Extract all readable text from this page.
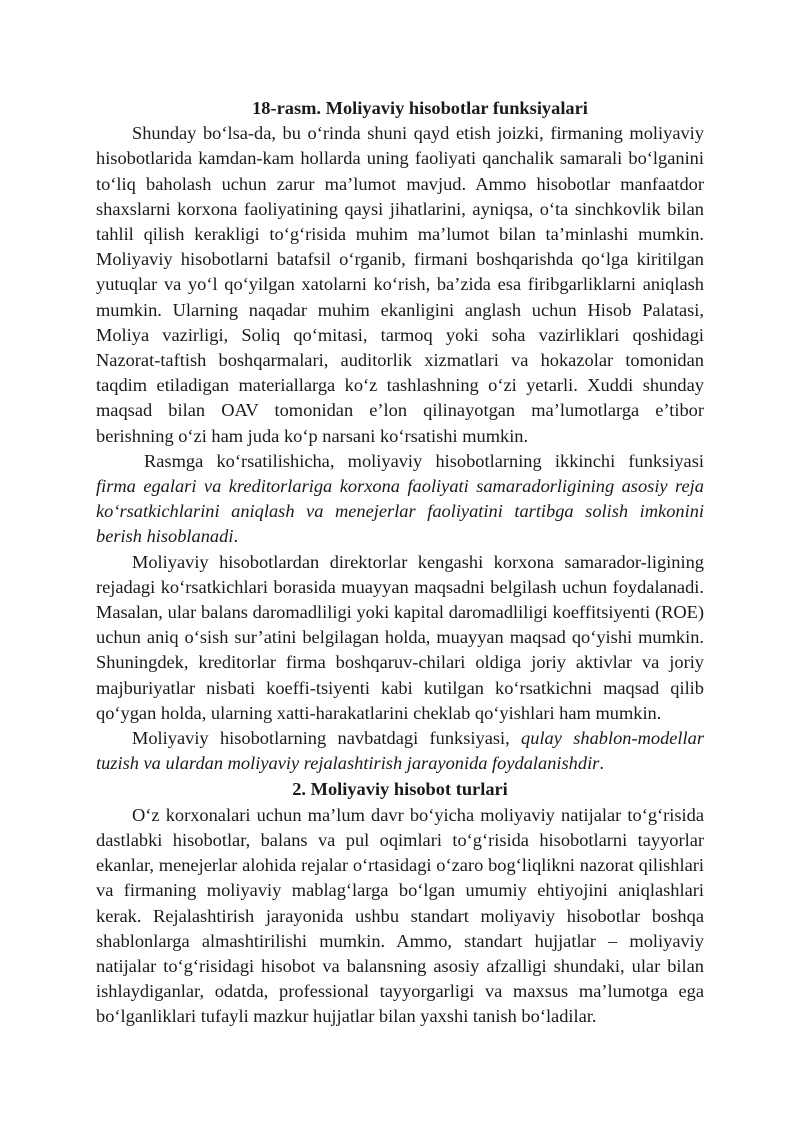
18-rasm. Moliyaviy hisobotlar funksiyalari

Shunday bo‘lsa-da, bu o‘rinda shuni qayd etish joizki, firmaning moliyaviy hisobotlarida kamdan-kam hollarda uning faoliyati qanchalik samarali bo‘lganini to‘liq baholash uchun zarur ma’lumot mavjud. Ammo hisobotlar manfaatdor shaxslarni korxona faoliyatining qaysi jihatlarini, ayniqsa, o‘ta sinchkovlik bilan tahlil qilish kerakligi to‘g‘risida muhim ma’lumot bilan ta’minlashi mumkin. Moliyaviy hisobotlarni batafsil o‘rganib, firmani boshqarishda qo‘lga kiritilgan yutuqlar va yo‘l qo‘yilgan xatolarni ko‘rish, ba’zida esa firibgarliklarni aniqlash mumkin. Ularning naqadar muhim ekanligini anglash uchun Hisob Palatasi, Moliya vazirligi, Soliq qo‘mitasi, tarmoq yoki soha vazirliklari qoshidagi Nazorat-taftish boshqarmalari, auditorlik xizmatlari va hokazolar tomonidan taqdim etiladigan materiallarga ko‘z tashlashning o‘zi yetarli. Xuddi shunday maqsad bilan OAV tomonidan e’lon qilinayotgan ma’lumotlarga e’tibor berishning o‘zi ham juda ko‘p narsani ko‘rsatishi mumkin.

Rasmga ko‘rsatilishicha, moliyaviy hisobotlarning ikkinchi funksiyasi firma egalari va kreditorlariga korxona faoliyati samaradorligining asosiy reja ko‘rsatkichlarini aniqlash va menejerlar faoliyatini tartibga solish imkonini berish hisoblanadi.

Moliyaviy hisobotlardan direktorlar kengashi korxona samarador-ligining rejadagi ko‘rsatkichlari borasida muayyan maqsadni belgilash uchun foydalanadi. Masalan, ular balans daromadliligi yoki kapital daromadliligi koeffitsiyenti (ROE) uchun aniq o‘sish sur’atini belgilagan holda, muayyan maqsad qo‘yishi mumkin. Shuningdek, kreditorlar firma boshqaruv-chilari oldiga joriy aktivlar va joriy majburiyatlar nisbati koeffi-tsiyenti kabi kutilgan ko‘rsatkichni maqsad qilib qo‘ygan holda, ularning xatti-harakatlarini cheklab qo‘yishlari ham mumkin.

Moliyaviy hisobotlarning navbatdagi funksiyasi, qulay shablon-modellar tuzish va ulardan moliyaviy rejalashtirish jarayonida foydalanishdir.

2. Moliyaviy hisobot turlari

O‘z korxonalari uchun ma’lum davr bo‘yicha moliyaviy natijalar to‘g‘risida dastlabki hisobotlar, balans va pul oqimlari to‘g‘risida hisobotlarni tayyorlar ekanlar, menejerlar alohida rejalar o‘rtasidagi o‘zaro bog‘liqlikni nazorat qilishlari va firmaning moliyaviy mablag‘larga bo‘lgan umumiy ehtiyojini aniqlashlari kerak. Rejalashtirish jarayonida ushbu standart moliyaviy hisobotlar boshqa shablonlarga almashtirilishi mumkin. Ammo, standart hujjatlar – moliyaviy natijalar to‘g‘risidagi hisobot va balansning asosiy afzalligi shundaki, ular bilan ishlaydiganlar, odatda, professional tayyorgarligi va maxsus ma’lumotga ega bo‘lganliklari tufayli mazkur hujjatlar bilan yaxshi tanish bo‘ladilar.
